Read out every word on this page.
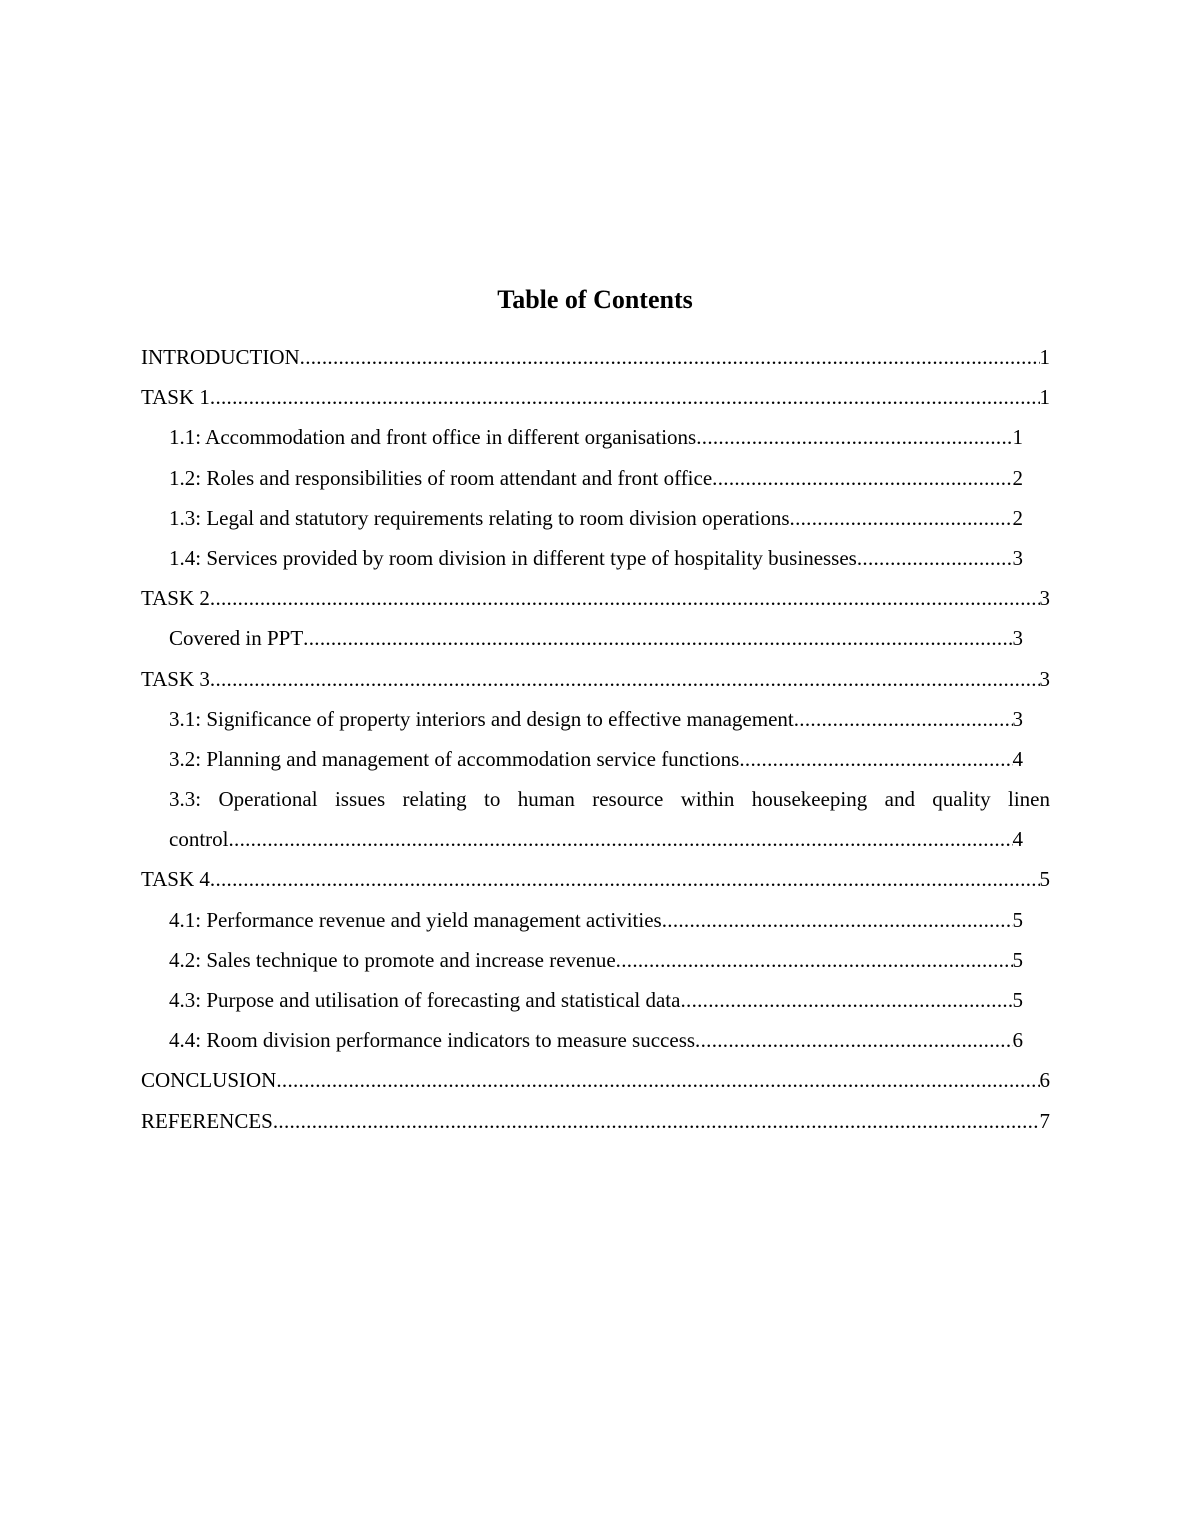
Table of Contents
INTRODUCTION .....	1
TASK 1 .....	1
1.1: Accommodation and front office in different organisations .....	1
1.2: Roles and responsibilities of room attendant and front office .....	2
1.3: Legal and statutory requirements relating to room division operations .....	2
1.4: Services provided by room division in different type of hospitality businesses .....	3
TASK 2 .....	3
Covered in PPT .....	3
TASK 3 .....	3
3.1: Significance of property interiors and design to effective management .....	3
3.2: Planning and management of accommodation service functions .....	4
3.3: Operational issues relating to human resource within housekeeping and quality linen
control .....	4
TASK 4 .....	5
4.1: Performance revenue and yield management activities .....	5
4.2: Sales technique to promote and increase revenue .....	5
4.3: Purpose and utilisation of forecasting and statistical data .....	5
4.4: Room division performance indicators to measure success .....	6
CONCLUSION .....	6
REFERENCES .....	7
